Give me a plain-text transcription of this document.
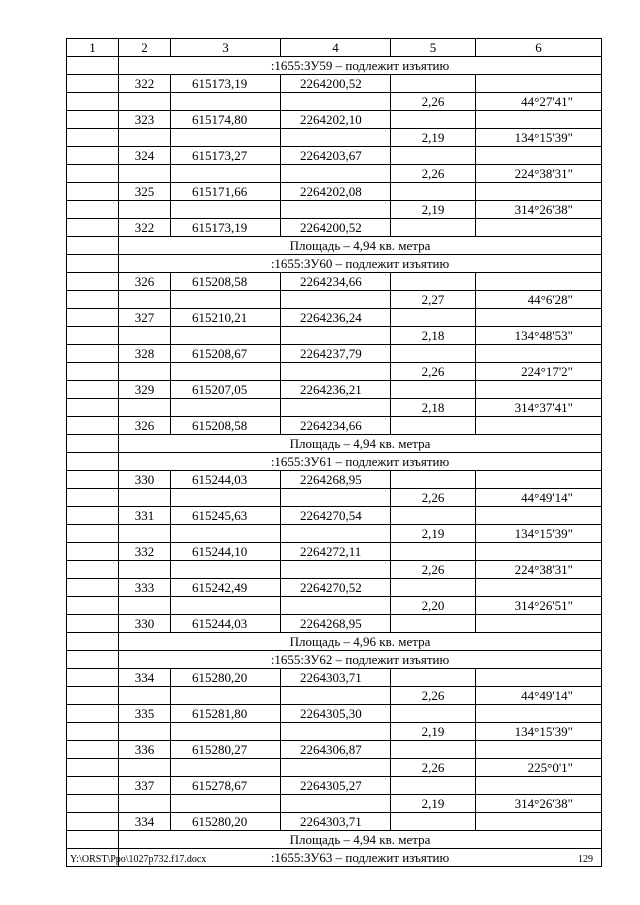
1	2	3	4	5	6
	:1655:ЗУ59 – подлежит изъятию				
	322	615173,19	2264200,52		
				2,26	44°27'41"
	323	615174,80	2264202,10		
				2,19	134°15'39"
	324	615173,27	2264203,67		
				2,26	224°38'31"
	325	615171,66	2264202,08		
				2,19	314°26'38"
	322	615173,19	2264200,52		
	Площадь – 4,94 кв. метра				
	:1655:ЗУ60 – подлежит изъятию				
	326	615208,58	2264234,66		
				2,27	44°6'28"
	327	615210,21	2264236,24		
				2,18	134°48'53"
	328	615208,67	2264237,79		
				2,26	224°17'2"
	329	615207,05	2264236,21		
				2,18	314°37'41"
	326	615208,58	2264234,66		
	Площадь – 4,94 кв. метра				
	:1655:ЗУ61 – подлежит изъятию				
	330	615244,03	2264268,95		
				2,26	44°49'14"
	331	615245,63	2264270,54		
				2,19	134°15'39"
	332	615244,10	2264272,11		
				2,26	224°38'31"
	333	615242,49	2264270,52		
				2,20	314°26'51"
	330	615244,03	2264268,95		
	Площадь – 4,96 кв. метра				
	:1655:ЗУ62 – подлежит изъятию				
	334	615280,20	2264303,71		
				2,26	44°49'14"
	335	615281,80	2264305,30		
				2,19	134°15'39"
	336	615280,27	2264306,87		
				2,26	225°0'1"
	337	615278,67	2264305,27		
				2,19	314°26'38"
	334	615280,20	2264303,71		
	Площадь – 4,94 кв. метра				
	:1655:ЗУ63 – подлежит изъятию				
Y:\ORST\Ppo\1027p732.f17.docx	129
